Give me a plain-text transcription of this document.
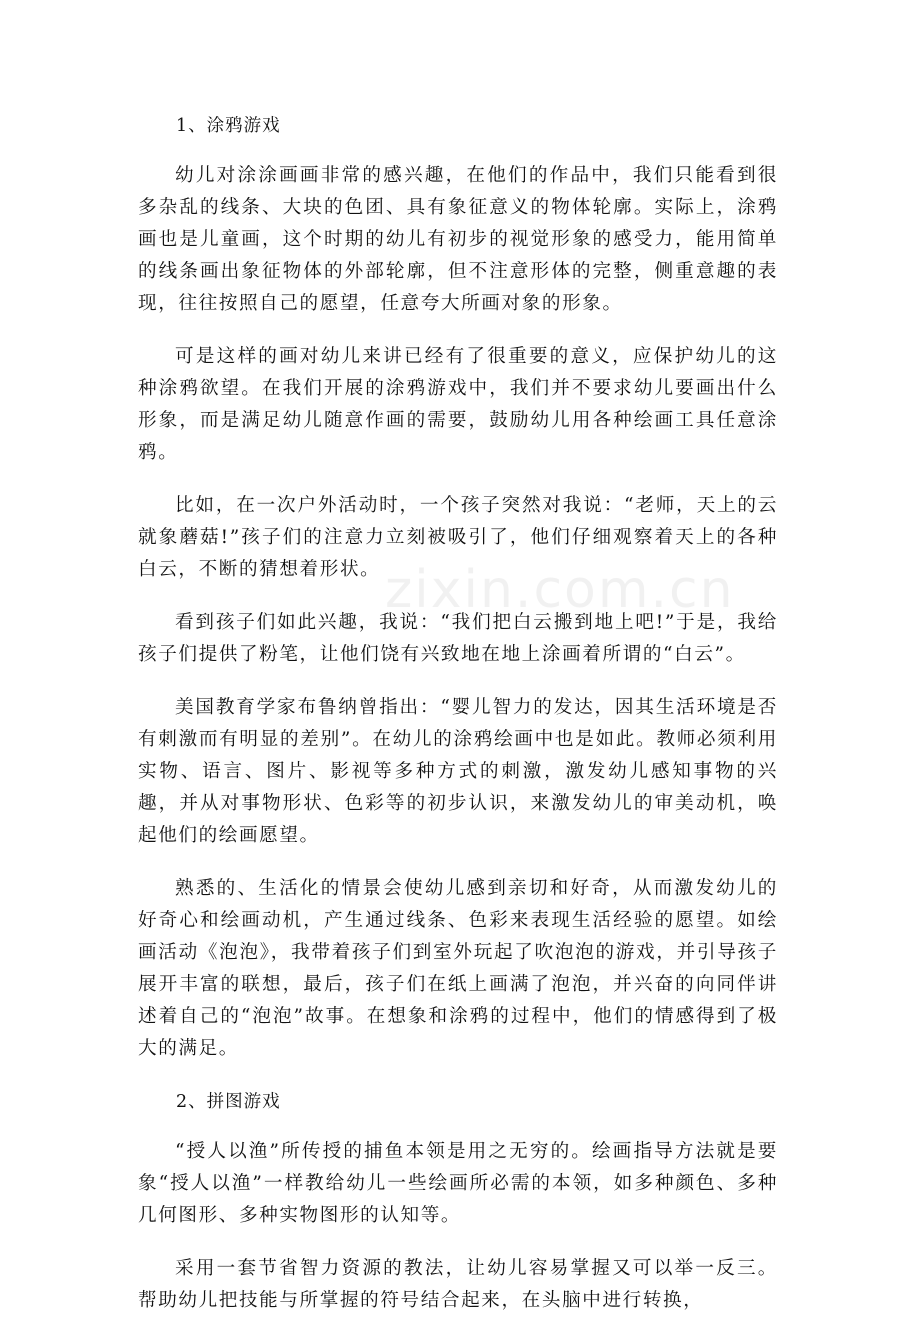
zixin.com.cn

1、涂鸦游戏

幼儿对涂涂画画非常的感兴趣，在他们的作品中，我们只能看到很多杂乱的线条、大块的色团、具有象征意义的物体轮廓。实际上，涂鸦画也是儿童画，这个时期的幼儿有初步的视觉形象的感受力，能用简单的线条画出象征物体的外部轮廓，但不注意形体的完整，侧重意趣的表现，往往按照自己的愿望，任意夸大所画对象的形象。

可是这样的画对幼儿来讲已经有了很重要的意义，应保护幼儿的这种涂鸦欲望。在我们开展的涂鸦游戏中，我们并不要求幼儿要画出什么形象，而是满足幼儿随意作画的需要，鼓励幼儿用各种绘画工具任意涂鸦。

比如，在一次户外活动时，一个孩子突然对我说：“老师，天上的云就象蘑菇!”孩子们的注意力立刻被吸引了，他们仔细观察着天上的各种白云，不断的猜想着形状。

看到孩子们如此兴趣，我说：“我们把白云搬到地上吧!”于是，我给孩子们提供了粉笔，让他们饶有兴致地在地上涂画着所谓的“白云”。

美国教育学家布鲁纳曾指出：“婴儿智力的发达，因其生活环境是否有刺激而有明显的差别”。在幼儿的涂鸦绘画中也是如此。教师必须利用实物、语言、图片、影视等多种方式的刺激，激发幼儿感知事物的兴趣，并从对事物形状、色彩等的初步认识，来激发幼儿的审美动机，唤起他们的绘画愿望。

熟悉的、生活化的情景会使幼儿感到亲切和好奇，从而激发幼儿的好奇心和绘画动机，产生通过线条、色彩来表现生活经验的愿望。如绘画活动《泡泡》，我带着孩子们到室外玩起了吹泡泡的游戏，并引导孩子展开丰富的联想，最后，孩子们在纸上画满了泡泡，并兴奋的向同伴讲述着自己的“泡泡”故事。在想象和涂鸦的过程中，他们的情感得到了极大的满足。

2、拼图游戏

“授人以渔”所传授的捕鱼本领是用之无穷的。绘画指导方法就是要象“授人以渔”一样教给幼儿一些绘画所必需的本领，如多种颜色、多种几何图形、多种实物图形的认知等。

采用一套节省智力资源的教法，让幼儿容易掌握又可以举一反三。帮助幼儿把技能与所掌握的符号结合起来，在头脑中进行转换，
